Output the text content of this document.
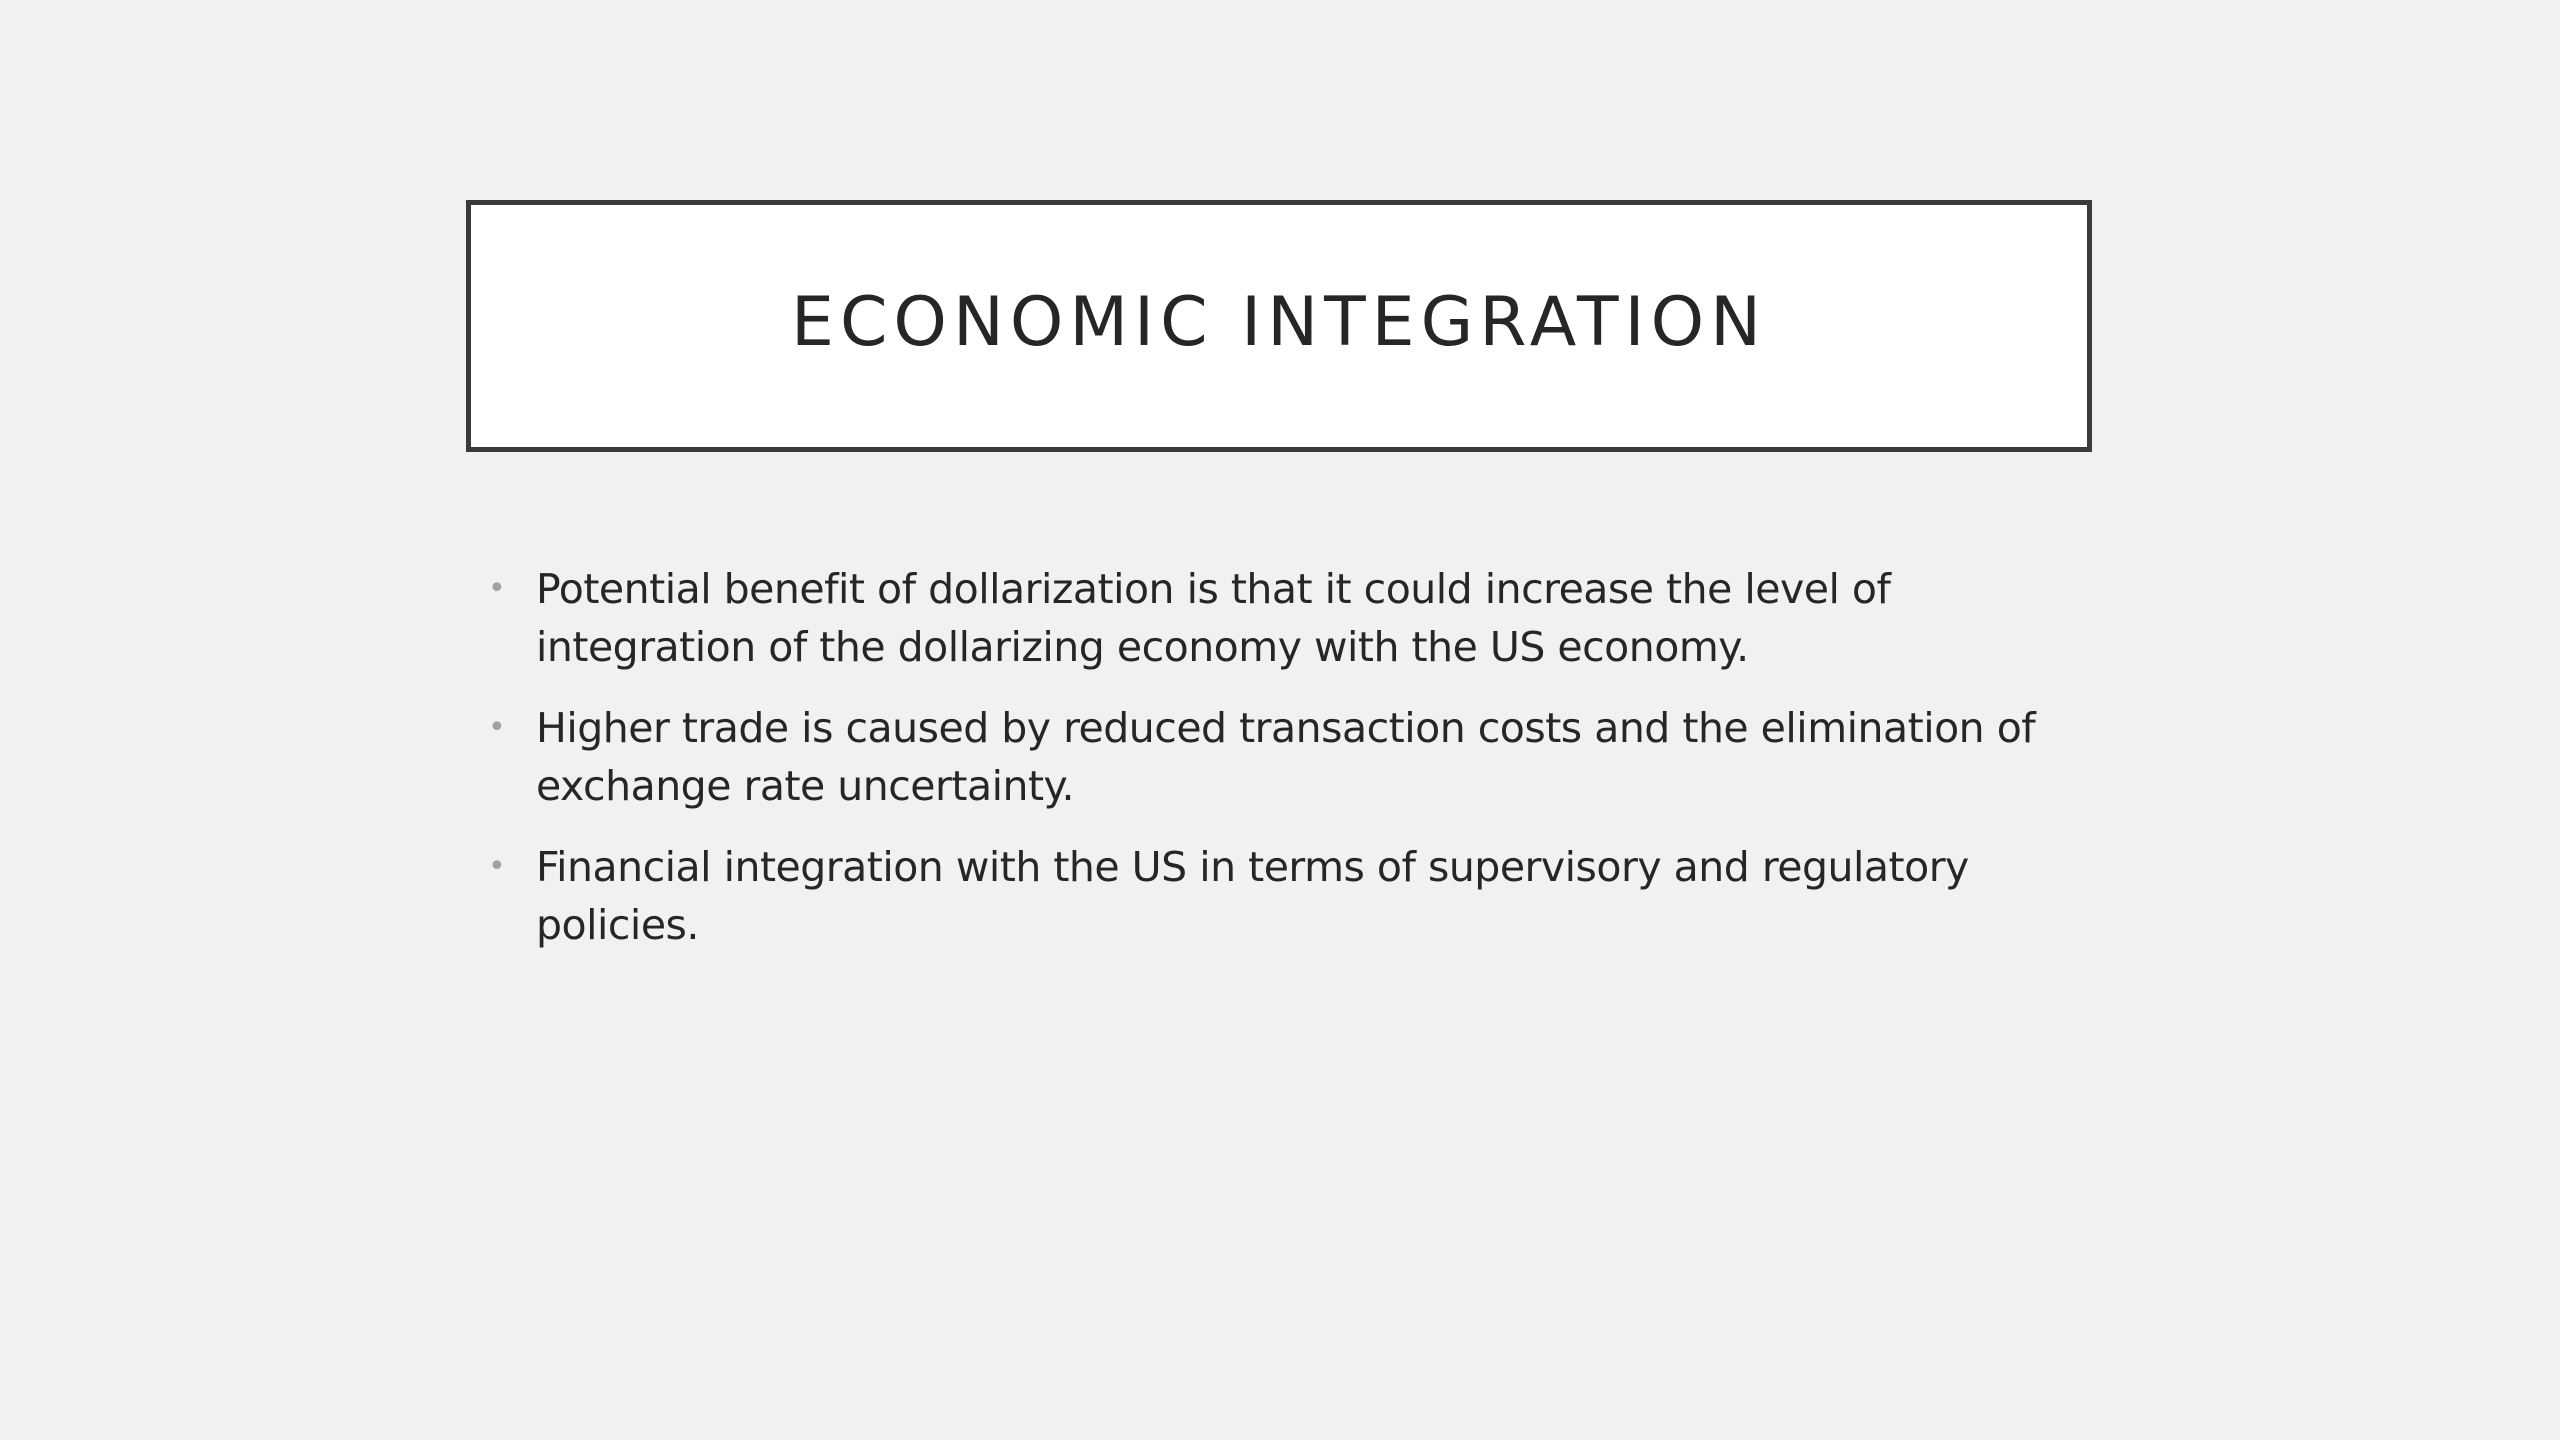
ECONOMIC INTEGRATION
• Potential benefit of dollarization is that it could increase the level of integration of the dollarizing economy with the US economy.
• Higher trade is caused by reduced transaction costs and the elimination of exchange rate uncertainty.
• Financial integration with the US in terms of supervisory and regulatory policies.
